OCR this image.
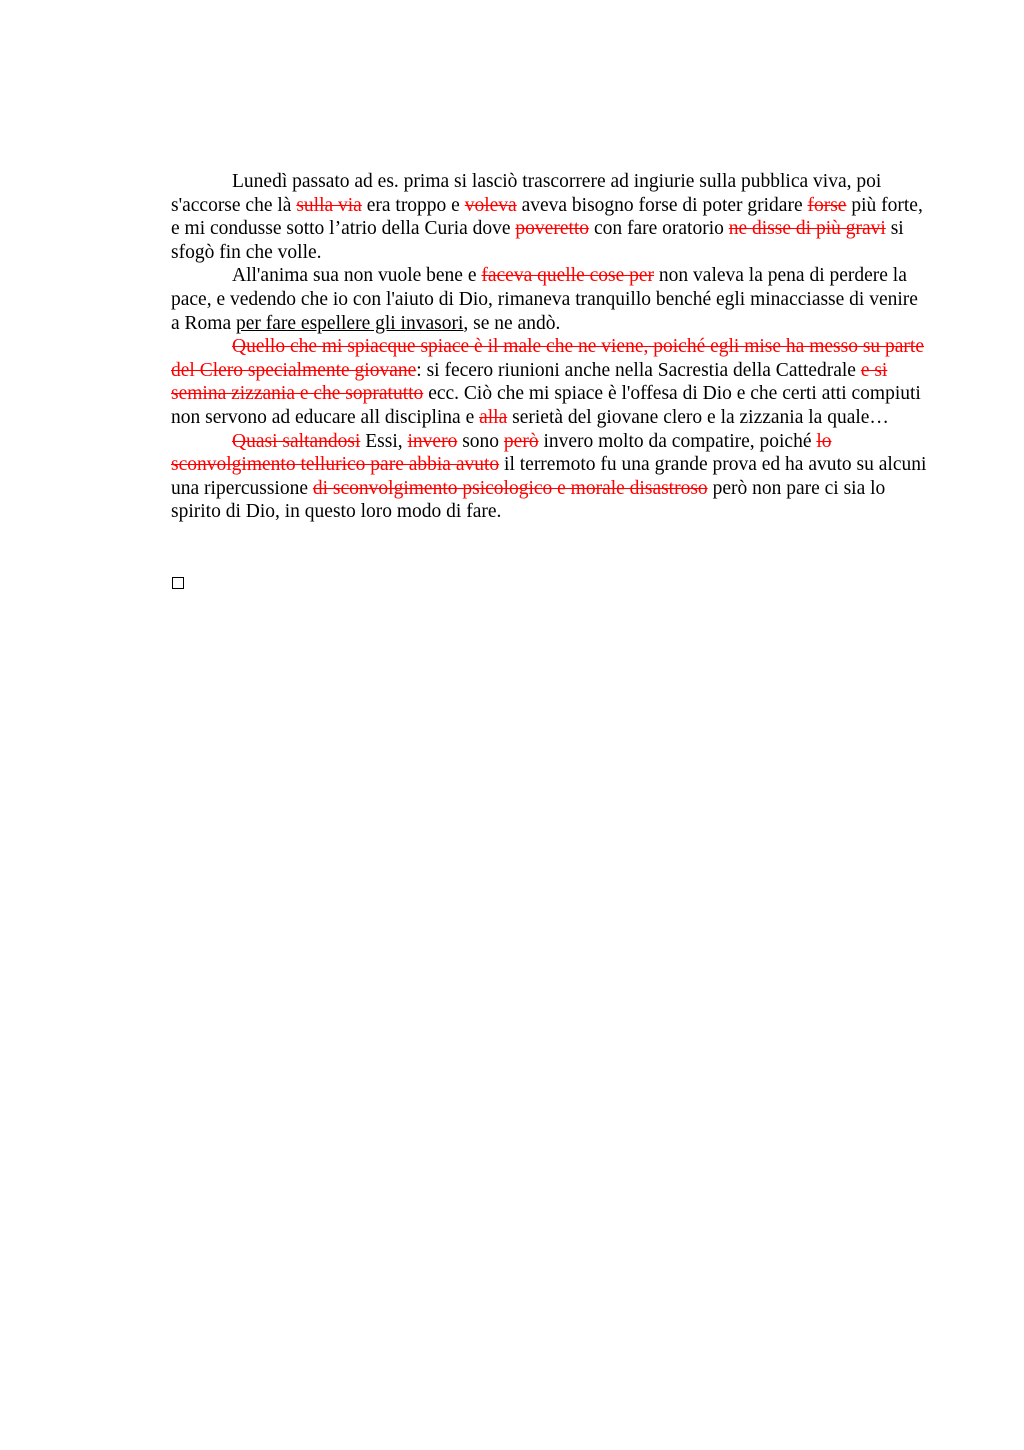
Lunedì passato ad es. prima si lasciò trascorrere ad ingiurie sulla pubblica viva, poi s'accorse che là sulla via era troppo e voleva aveva bisogno forse di poter gridare forse più forte, e mi condusse sotto l’atrio della Curia dove poveretto con fare oratorio ne disse di più gravi si sfogò fin che volle.

All'anima sua non vuole bene e faceva quelle cose per non valeva la pena di perdere la pace, e vedendo che io con l'aiuto di Dio, rimaneva tranquillo benché egli minacciasse di venire a Roma per fare espellere gli invasori, se ne andò.

Quello che mi spiacque spiace è il male che ne viene, poiché egli mise ha messo su parte del Clero specialmente giovane: si fecero riunioni anche nella Sacrestia della Cattedrale e si semina zizzania e che sopratutto ecc. Ciò che mi spiace è l'offesa di Dio e che certi atti compiuti non servono ad educare all disciplina e alla serietà del giovane clero e la zizzania la quale…

Quasi saltandosi Essi, invero sono però invero molto da compatire, poiché lo sconvolgimento tellurico pare abbia avuto il terremoto fu una grande prova ed ha avuto su alcuni una ripercussione di sconvolgimento psicologico e morale disastroso però non pare ci sia lo spirito di Dio, in questo loro modo di fare.
